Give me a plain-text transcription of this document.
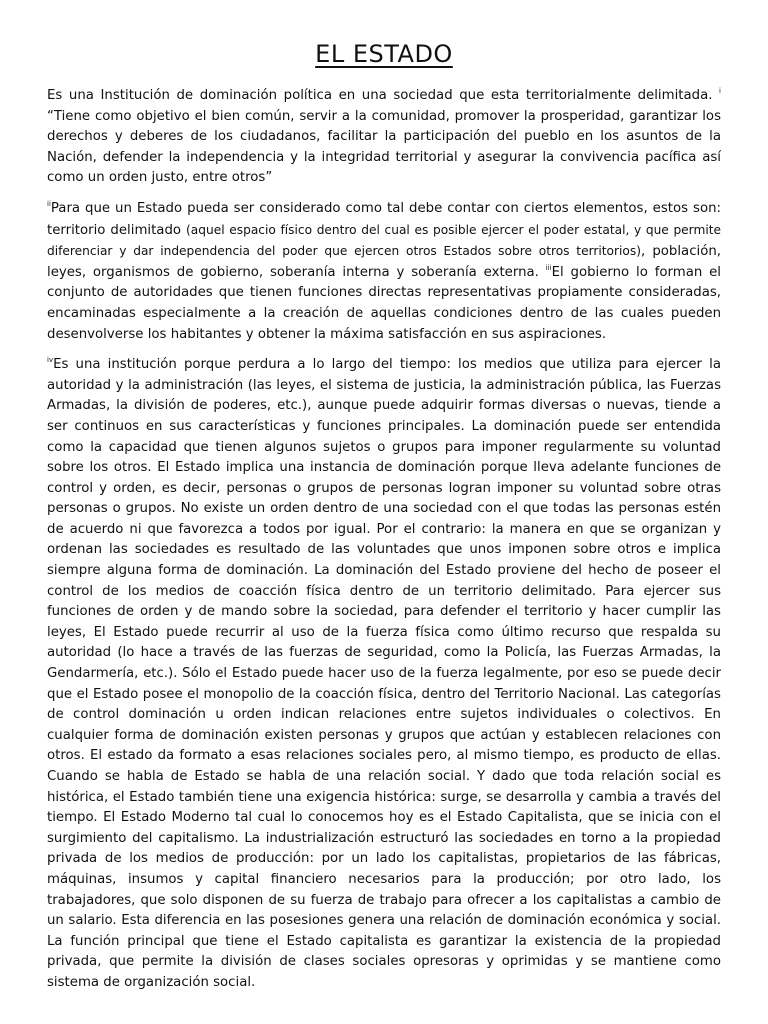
EL ESTADO

Es una Institución de dominación política en una sociedad que esta territorialmente delimitada. $^i$ “Tiene como objetivo el bien común, servir a la comunidad, promover la prosperidad, garantizar los derechos y deberes de los ciudadanos, facilitar la participación del pueblo en los asuntos de la Nación, defender la independencia y la integridad territorial y asegurar la convivencia pacífica así como un orden justo, entre otros”

$^{ii}$Para que un Estado pueda ser considerado como tal debe contar con ciertos elementos, estos son: territorio delimitado (aquel espacio físico dentro del cual es posible ejercer el poder estatal, y que permite diferenciar y dar independencia del poder que ejercen otros Estados sobre otros territorios), población, leyes, organismos de gobierno, soberanía interna y soberanía externa. $^{iii}$El gobierno lo forman el conjunto de autoridades que tienen funciones directas representativas propiamente consideradas, encaminadas especialmente a la creación de aquellas condiciones dentro de las cuales pueden desenvolverse los habitantes y obtener la máxima satisfacción en sus aspiraciones.

$^{iv}$Es una institución porque perdura a lo largo del tiempo: los medios que utiliza para ejercer la autoridad y la administración (las leyes, el sistema de justicia, la administración pública, las Fuerzas Armadas, la división de poderes, etc.), aunque puede adquirir formas diversas o nuevas, tiende a ser continuos en sus características y funciones principales. La dominación puede ser entendida como la capacidad que tienen algunos sujetos o grupos para imponer regularmente su voluntad sobre los otros. El Estado implica una instancia de dominación porque lleva adelante funciones de control y orden, es decir, personas o grupos de personas logran imponer su voluntad sobre otras personas o grupos. No existe un orden dentro de una sociedad con el que todas las personas estén de acuerdo ni que favorezca a todos por igual. Por el contrario: la manera en que se organizan y ordenan las sociedades es resultado de las voluntades que unos imponen sobre otros e implica siempre alguna forma de dominación. La dominación del Estado proviene del hecho de poseer el control de los medios de coacción física dentro de un territorio delimitado. Para ejercer sus funciones de orden y de mando sobre la sociedad, para defender el territorio y hacer cumplir las leyes, El Estado puede recurrir al uso de la fuerza física como último recurso que respalda su autoridad (lo hace a través de las fuerzas de seguridad, como la Policía, las Fuerzas Armadas, la Gendarmería, etc.). Sólo el Estado puede hacer uso de la fuerza legalmente, por eso se puede decir que el Estado posee el monopolio de la coacción física, dentro del Territorio Nacional. Las categorías de control dominación u orden indican relaciones entre sujetos individuales o colectivos. En cualquier forma de dominación existen personas y grupos que actúan y establecen relaciones con otros. El estado da formato a esas relaciones sociales pero, al mismo tiempo, es producto de ellas. Cuando se habla de Estado se habla de una relación social. Y dado que toda relación social es histórica, el Estado también tiene una exigencia histórica: surge, se desarrolla y cambia a través del tiempo. El Estado Moderno tal cual lo conocemos hoy es el Estado Capitalista, que se inicia con el surgimiento del capitalismo. La industrialización estructuró las sociedades en torno a la propiedad privada de los medios de producción: por un lado los capitalistas, propietarios de las fábricas, máquinas, insumos y capital financiero necesarios para la producción; por otro lado, los trabajadores, que solo disponen de su fuerza de trabajo para ofrecer a los capitalistas a cambio de un salario. Esta diferencia en las posesiones genera una relación de dominación económica y social. La función principal que tiene el Estado capitalista es garantizar la existencia de la propiedad privada, que permite la división de clases sociales opresoras y oprimidas y se mantiene como sistema de organización social.
